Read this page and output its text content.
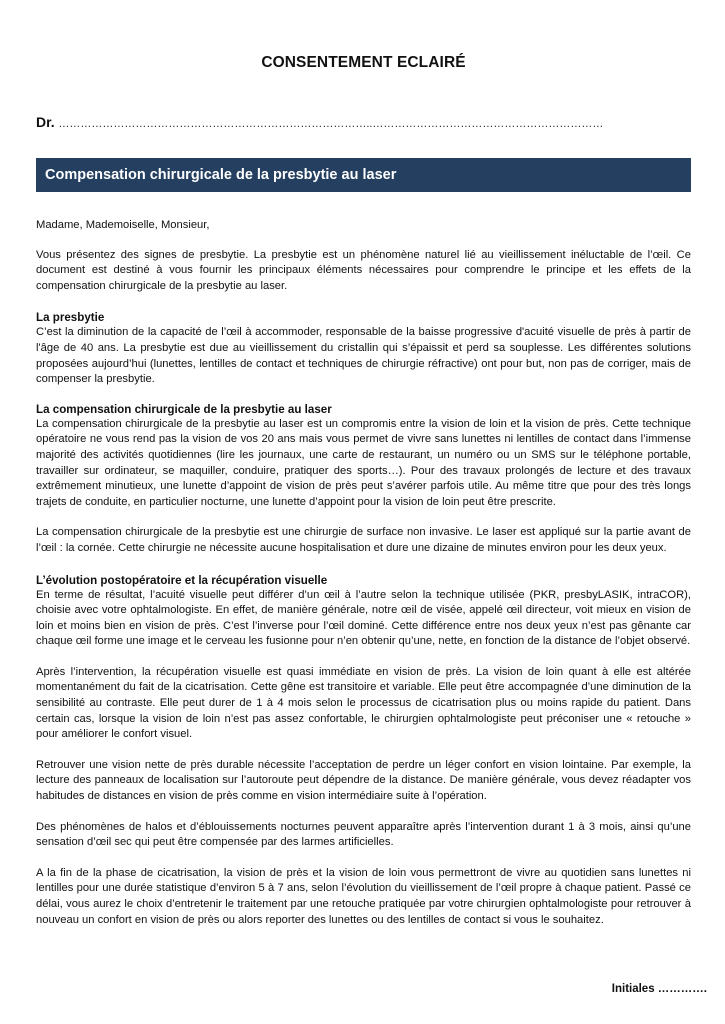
CONSENTEMENT ECLAIRÉ
Dr. …………………………………………………………………………..………………………………………………………
Compensation chirurgicale de la presbytie au laser

Madame, Mademoiselle, Monsieur,

Vous présentez des signes de presbytie. La presbytie est un phénomène naturel lié au vieillissement inéluctable de l’œil. Ce document est destiné à vous fournir les principaux éléments nécessaires pour comprendre le principe et les effets de la compensation chirurgicale de la presbytie au laser.

La presbytie

C’est la diminution de la capacité de l’œil à accommoder, responsable de la baisse progressive d'acuité visuelle de près à partir de l'âge de 40 ans. La presbytie est due au vieillissement du cristallin qui s’épaissit et perd sa souplesse. Les différentes solutions proposées aujourd’hui (lunettes, lentilles de contact et techniques de chirurgie réfractive) ont pour but, non pas de corriger, mais de compenser la presbytie.

La compensation chirurgicale de la presbytie au laser

La compensation chirurgicale de la presbytie au laser est un compromis entre la vision de loin et la vision de près. Cette technique opératoire ne vous rend pas la vision de vos 20 ans mais vous permet de vivre sans lunettes ni lentilles de contact dans l’immense majorité des activités quotidiennes (lire les journaux, une carte de restaurant, un numéro ou un SMS sur le téléphone portable, travailler sur ordinateur, se maquiller, conduire, pratiquer des sports…). Pour des travaux prolongés de lecture et des travaux extrêmement minutieux, une lunette d’appoint de vision de près peut s’avérer parfois utile. Au même titre que pour des très longs trajets de conduite, en particulier nocturne, une lunette d’appoint pour la vision de loin peut être prescrite.

La compensation chirurgicale de la presbytie est une chirurgie de surface non invasive. Le laser est appliqué sur la partie avant de l’œil : la cornée. Cette chirurgie ne nécessite aucune hospitalisation et dure une dizaine de minutes environ pour les deux yeux.

L’évolution postopératoire et la récupération visuelle

En terme de résultat, l’acuité visuelle peut différer d’un œil à l’autre selon la technique utilisée (PKR, presbyLASIK, intraCOR), choisie avec votre ophtalmologiste. En effet, de manière générale, notre œil de visée, appelé œil directeur, voit mieux en vision de loin et moins bien en vision de près. C’est l’inverse pour l’œil dominé. Cette différence entre nos deux yeux n’est pas gênante car chaque œil forme une image et le cerveau les fusionne pour n’en obtenir qu’une, nette, en fonction de la distance de l’objet observé.

Après l’intervention, la récupération visuelle est quasi immédiate en vision de près. La vision de loin quant à elle est altérée momentanément du fait de la cicatrisation. Cette gêne est transitoire et variable. Elle peut être accompagnée d’une diminution de la sensibilité au contraste. Elle peut durer de 1 à 4 mois selon le processus de cicatrisation plus ou moins rapide du patient. Dans certain cas, lorsque la vision de loin n’est pas assez confortable, le chirurgien ophtalmologiste peut préconiser une « retouche » pour améliorer le confort visuel.

Retrouver une vision nette de près durable nécessite l’acceptation de perdre un léger confort en vision lointaine. Par exemple, la lecture des panneaux de localisation sur l’autoroute peut dépendre de la distance. De manière générale, vous devez réadapter vos habitudes de distances en vision de près comme en vision intermédiaire suite à l’opération.

Des phénomènes de halos et d’éblouissements nocturnes peuvent apparaître après l’intervention durant 1 à 3 mois, ainsi qu’une sensation d’œil sec qui peut être compensée par des larmes artificielles.

A la fin de la phase de cicatrisation, la vision de près et la vision de loin vous permettront de vivre au quotidien sans lunettes ni lentilles pour une durée statistique d’environ 5 à 7 ans, selon l’évolution du vieillissement de l’œil propre à chaque patient. Passé ce délai, vous aurez le choix d’entretenir le traitement par une retouche pratiquée par votre chirurgien ophtalmologiste pour retrouver à nouveau un confort en vision de près ou alors reporter des lunettes ou des lentilles de contact si vous le souhaitez.

Initiales ………….
